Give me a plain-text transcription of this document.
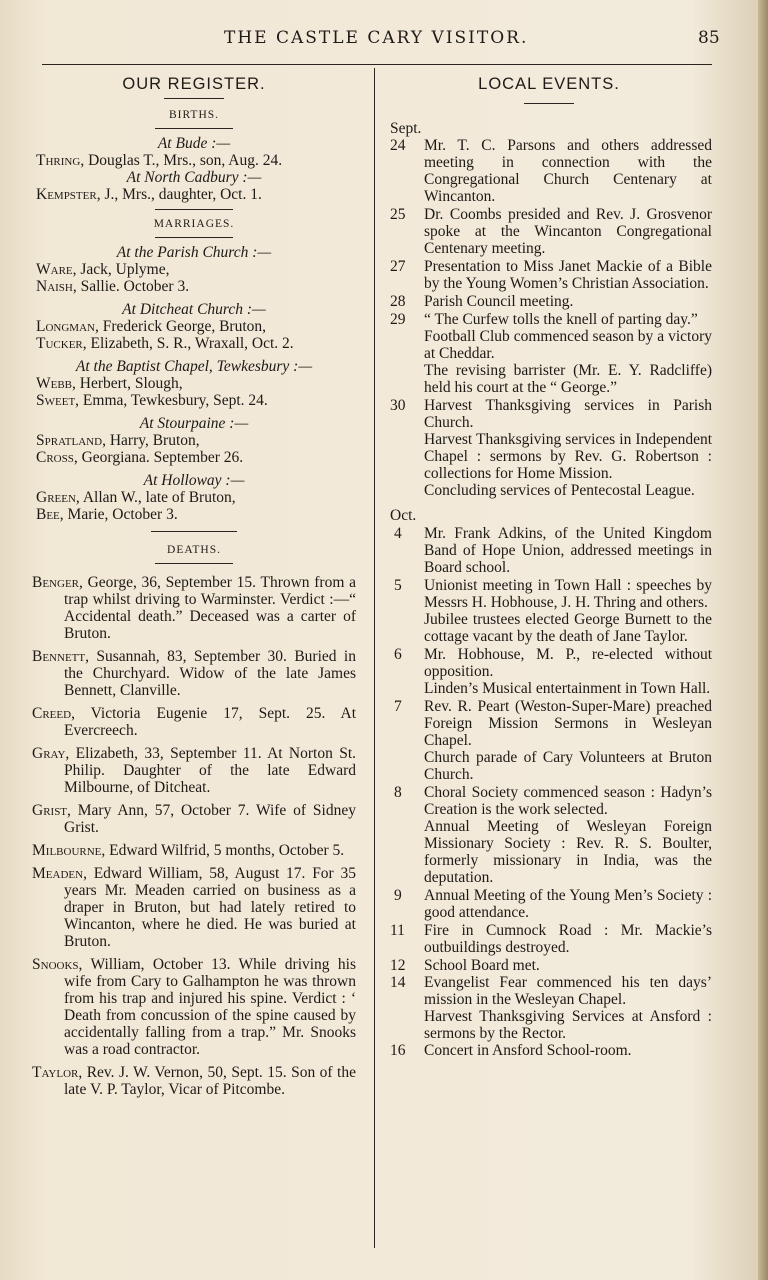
THE CASTLE CARY VISITOR.	85
OUR REGISTER.
BIRTHS.
At Bude :—
Thring, Douglas T., Mrs., son, Aug. 24.
At North Cadbury :—
Kempster, J., Mrs., daughter, Oct. 1.
MARRIAGES.
At the Parish Church :—
Ware, Jack, Uplyme,
Naish, Sallie. October 3.
At Ditcheat Church :—
Longman, Frederick George, Bruton,
Tucker, Elizabeth, S. R., Wraxall, Oct. 2.
At the Baptist Chapel, Tewkesbury :—
Webb, Herbert, Slough,
Sweet, Emma, Tewkesbury, Sept. 24.
At Stourpaine :—
Spratland, Harry, Bruton,
Cross, Georgiana. September 26.
At Holloway :—
Green, Allan W., late of Bruton,
Bee, Marie, October 3.
DEATHS.
Benger, George, 36, September 15. Thrown from a trap whilst driving to Warminster. Verdict :—“ Accidental death.” Deceased was a carter of Bruton.
Bennett, Susannah, 83, September 30. Buried in the Churchyard. Widow of the late James Bennett, Clanville.
Creed, Victoria Eugenie 17, Sept. 25. At Evercreech.
Gray, Elizabeth, 33, September 11. At Norton St. Philip. Daughter of the late Edward Milbourne, of Ditcheat.
Grist, Mary Ann, 57, October 7. Wife of Sidney Grist.
Milbourne, Edward Wilfrid, 5 months, October 5.
Meaden, Edward William, 58, August 17. For 35 years Mr. Meaden carried on business as a draper in Bruton, but had lately retired to Wincanton, where he died. He was buried at Bruton.
Snooks, William, October 13. While driving his wife from Cary to Galhampton he was thrown from his trap and injured his spine. Verdict : ‘ Death from concussion of the spine caused by accidentally falling from a trap.” Mr. Snooks was a road contractor.
Taylor, Rev. J. W. Vernon, 50, Sept. 15. Son of the late V. P. Taylor, Vicar of Pitcombe.
LOCAL EVENTS.
Sept.
24	Mr. T. C. Parsons and others addressed meeting in connection with the Congregational Church Centenary at Wincanton.
25	Dr. Coombs presided and Rev. J. Grosvenor spoke at the Wincanton Congregational Centenary meeting.
27	Presentation to Miss Janet Mackie of a Bible by the Young Women’s Christian Association.
28	Parish Council meeting.
29	“ The Curfew tolls the knell of parting day.”
Football Club commenced season by a victory at Cheddar.
The revising barrister (Mr. E. Y. Radcliffe) held his court at the “ George.”
30	Harvest Thanksgiving services in Parish Church.
Harvest Thanksgiving services in Independent Chapel : sermons by Rev. G. Robertson : collections for Home Mission.
Concluding services of Pentecostal League.
Oct.
4	Mr. Frank Adkins, of the United Kingdom Band of Hope Union, addressed meetings in Board school.
5	Unionist meeting in Town Hall : speeches by Messrs H. Hobhouse, J. H. Thring and others.
Jubilee trustees elected George Burnett to the cottage vacant by the death of Jane Taylor.
6	Mr. Hobhouse, M. P., re-elected without opposition.
Linden’s Musical entertainment in Town Hall.
7	Rev. R. Peart (Weston-Super-Mare) preached Foreign Mission Sermons in Wesleyan Chapel.
Church parade of Cary Volunteers at Bruton Church.
8	Choral Society commenced season : Hadyn’s Creation is the work selected.
Annual Meeting of Wesleyan Foreign Missionary Society : Rev. R. S. Boulter, formerly missionary in India, was the deputation.
9	Annual Meeting of the Young Men’s Society : good attendance.
11	Fire in Cumnock Road : Mr. Mackie’s outbuildings destroyed.
12	School Board met.
14	Evangelist Fear commenced his ten days’ mission in the Wesleyan Chapel.
Harvest Thanksgiving Services at Ansford : sermons by the Rector.
16	Concert in Ansford School-room.
